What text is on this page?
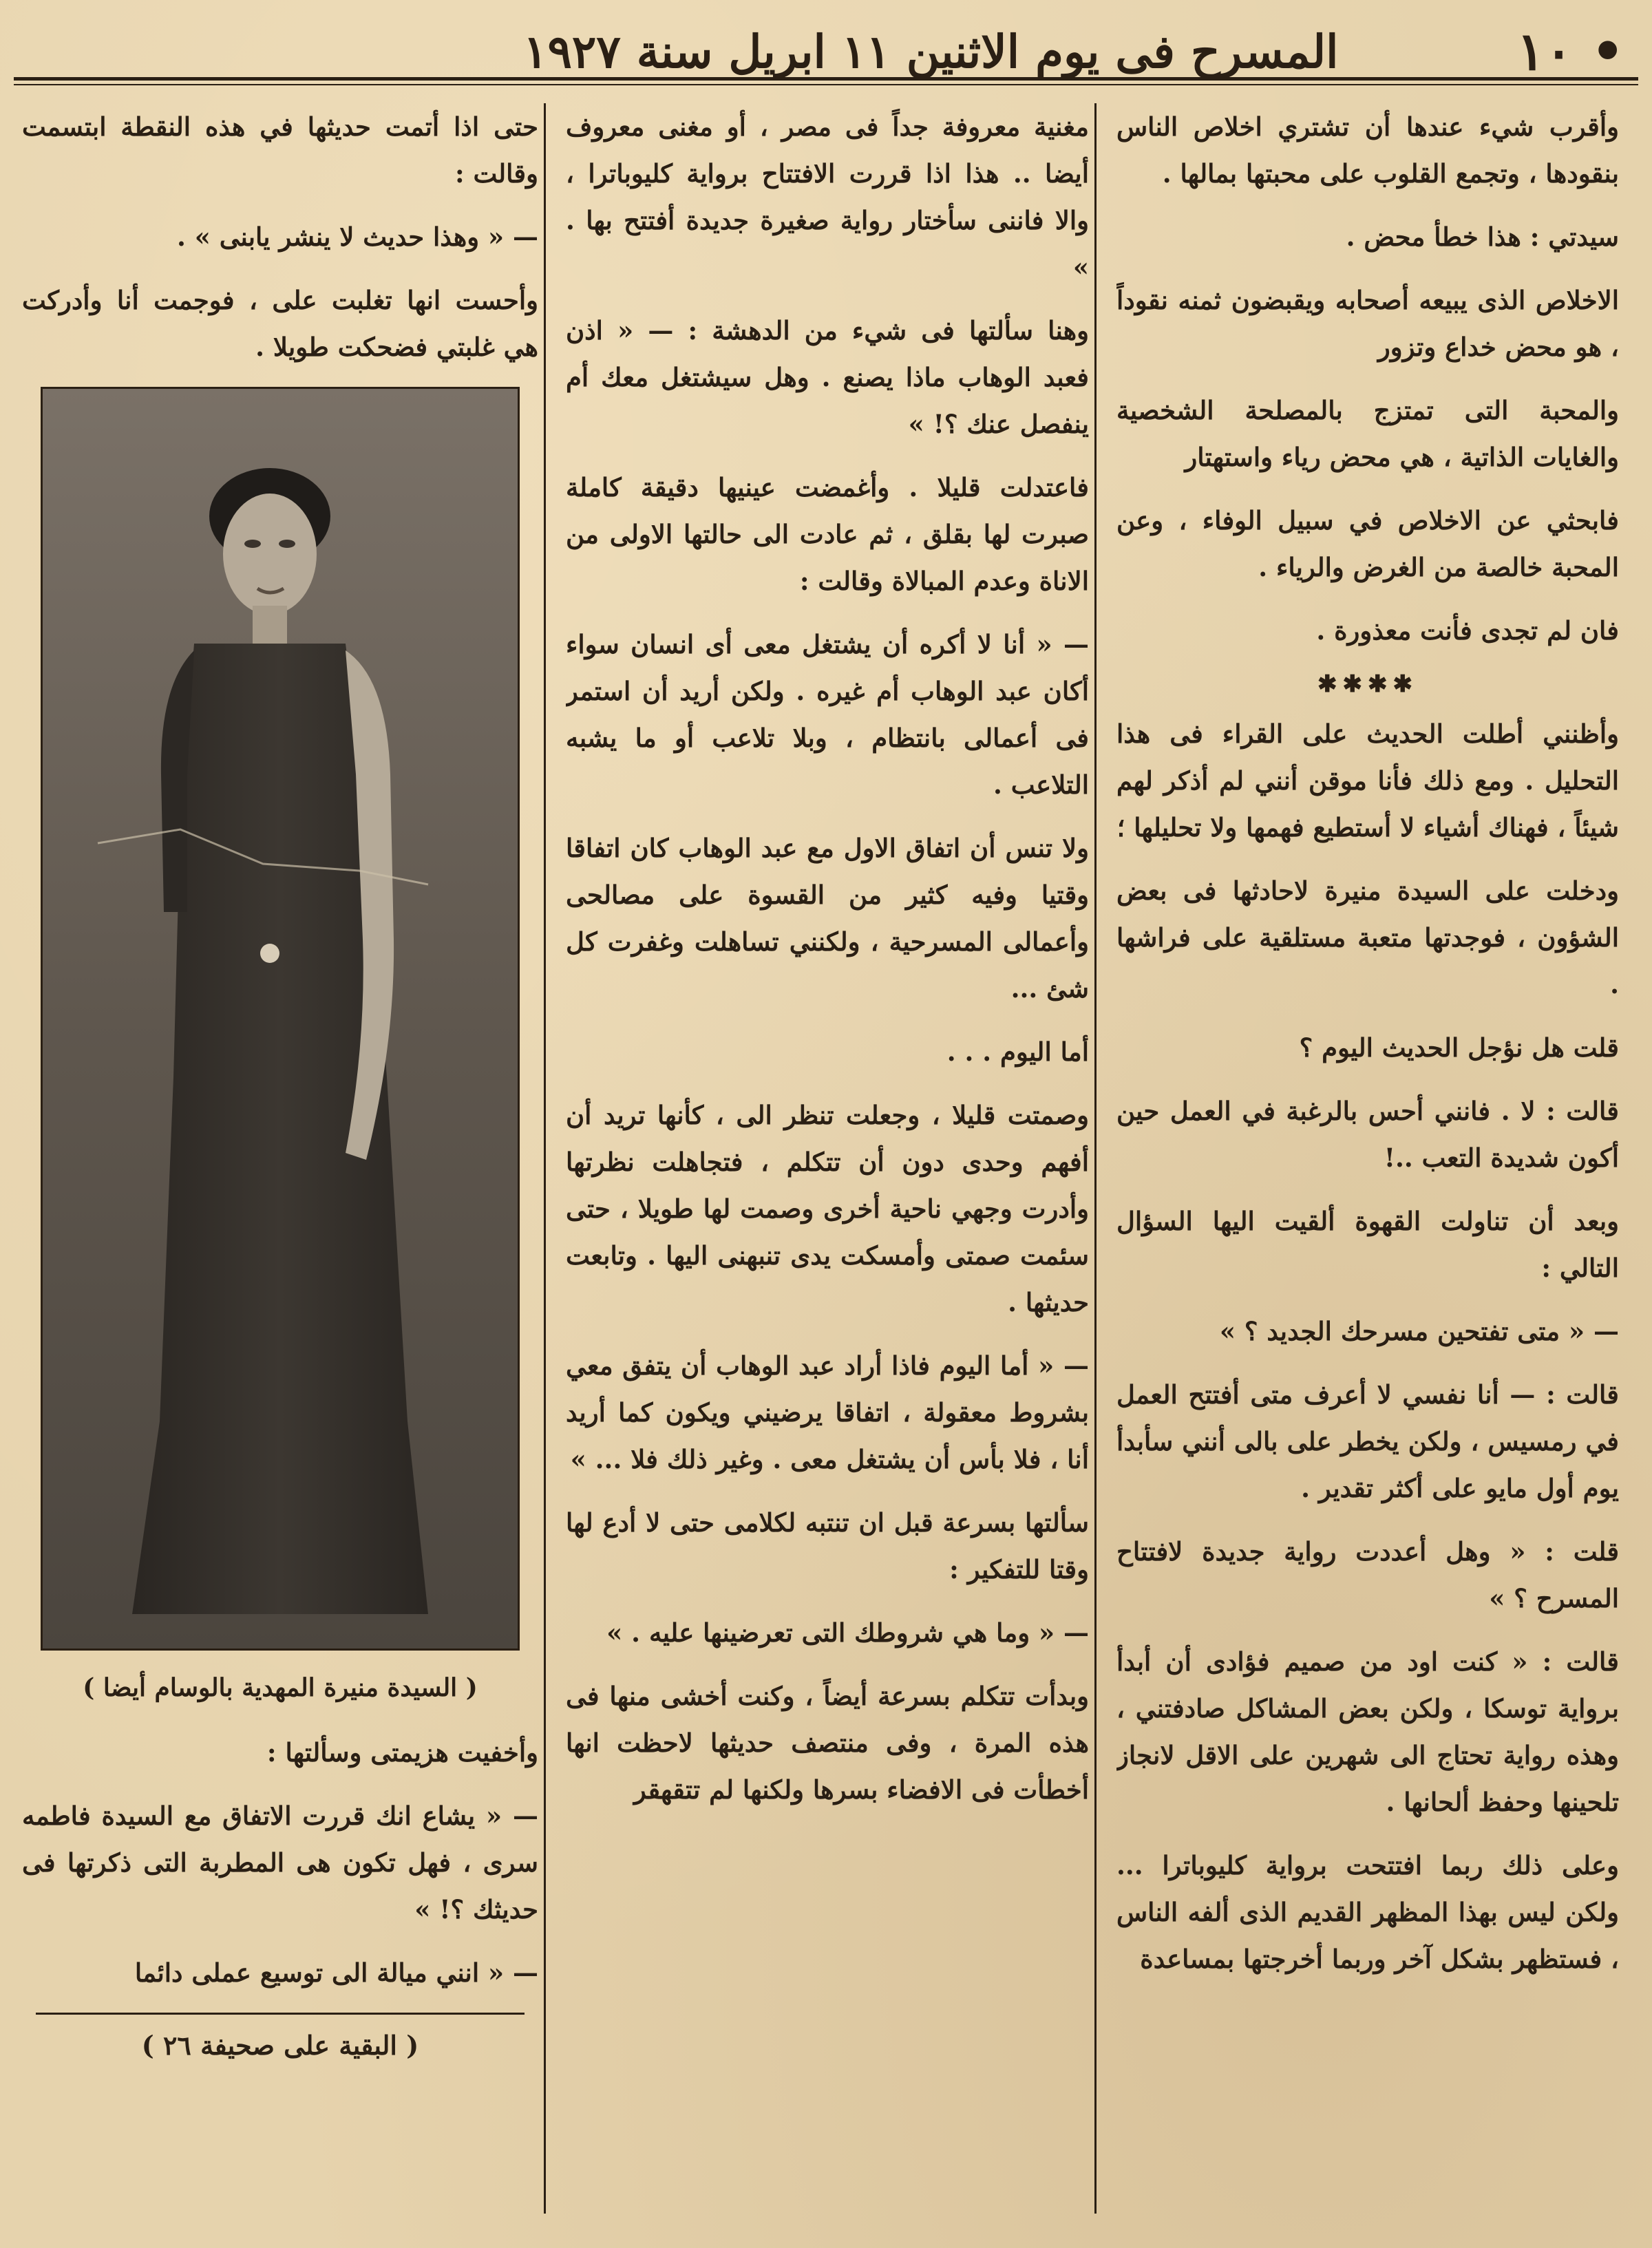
• ١٠
المسرح فى يوم الاثنين ١١ ابريل سنة ١٩٢٧

وأقرب شيء عندها أن تشتري اخلاص الناس بنقودها ، وتجمع القلوب على محبتها بمالها .

سيدتي : هذا خطأ محض .

الاخلاص الذى يبيعه أصحابه ويقبضون ثمنه نقوداً ، هو محض خداع وتزور

والمحبة التى تمتزج بالمصلحة الشخصية والغايات الذاتية ، هي محض رياء واستهتار

فابحثي عن الاخلاص في سبيل الوفاء ، وعن المحبة خالصة من الغرض والرياء .

فان لم تجدى فأنت معذورة .

✱✱✱✱

وأظنني أطلت الحديث على القراء فى هذا التحليل . ومع ذلك فأنا موقن أنني لم أذكر لهم شيئاً ، فهناك أشياء لا أستطيع فهمها ولا تحليلها ؛

ودخلت على السيدة منيرة لاحادثها فى بعض الشؤون ، فوجدتها متعبة مستلقية على فراشها .

قلت هل نؤجل الحديث اليوم ؟

قالت : لا . فانني أحس بالرغبة في العمل حين أكون شديدة التعب ..!

وبعد أن تناولت القهوة ألقيت اليها السؤال التالي :

— « متى تفتحين مسرحك الجديد ؟ »

قالت : — أنا نفسي لا أعرف متى أفتتح العمل في رمسيس ، ولكن يخطر على بالى أنني سأبدأ يوم أول مايو على أكثر تقدير .

قلت : « وهل أعددت رواية جديدة لافتتاح المسرح ؟ »

قالت : « كنت اود من صميم فؤادى أن أبدأ برواية توسكا ، ولكن بعض المشاكل صادفتني ، وهذه رواية تحتاج الى شهرين على الاقل لانجاز تلحينها وحفظ ألحانها .

وعلى ذلك ربما افتتحت برواية كليوباترا ... ولكن ليس بهذا المظهر القديم الذى ألفه الناس ، فستظهر بشكل آخر وربما أخرجتها بمساعدة

مغنية معروفة جداً فى مصر ، أو مغنى معروف أيضا .. هذا اذا قررت الافتتاح برواية كليوباترا ، والا فاننى سأختار رواية صغيرة جديدة أفتتح بها . »

وهنا سألتها فى شيء من الدهشة : — « اذن فعبد الوهاب ماذا يصنع . وهل سيشتغل معك أم ينفصل عنك ؟! »

فاعتدلت قليلا . وأغمضت عينيها دقيقة كاملة صبرت لها بقلق ، ثم عادت الى حالتها الاولى من الاناة وعدم المبالاة وقالت :

— « أنا لا أكره أن يشتغل معى أى انسان سواء أكان عبد الوهاب أم غيره . ولكن أريد أن استمر فى أعمالى بانتظام ، وبلا تلاعب أو ما يشبه التلاعب .

ولا تنس أن اتفاق الاول مع عبد الوهاب كان اتفاقا وقتيا وفيه كثير من القسوة على مصالحى وأعمالى المسرحية ، ولكنني تساهلت وغفرت كل شئ ...

أما اليوم . . .

وصمتت قليلا ، وجعلت تنظر الى ، كأنها تريد أن أفهم وحدى دون أن تتكلم ، فتجاهلت نظرتها وأدرت وجهي ناحية أخرى وصمت لها طويلا ، حتى سئمت صمتى وأمسكت يدى تنبهنى اليها . وتابعت حديثها .

— « أما اليوم فاذا أراد عبد الوهاب أن يتفق معي بشروط معقولة ، اتفاقا يرضيني ويكون كما أريد أنا ، فلا بأس أن يشتغل معى . وغير ذلك فلا ... »

سألتها بسرعة قبل ان تنتبه لكلامى حتى لا أدع لها وقتا للتفكير :

— « وما هي شروطك التى تعرضينها عليه . »

وبدأت تتكلم بسرعة أيضاً ، وكنت أخشى منها فى هذه المرة ، وفى منتصف حديثها لاحظت انها أخطأت فى الافضاء بسرها ولكنها لم تتقهقر

حتى اذا أتمت حديثها في هذه النقطة ابتسمت وقالت :

— « وهذا حديث لا ينشر يابنى » .

وأحست انها تغلبت على ، فوجمت أنا وأدركت هي غلبتي فضحكت طويلا .

( السيدة منيرة المهدية بالوسام أيضا )

وأخفيت هزيمتى وسألتها :

— « يشاع انك قررت الاتفاق مع السيدة فاطمه سرى ، فهل تكون هى المطربة التى ذكرتها فى حديثك ؟! »

— « انني ميالة الى توسيع عملى دائما

( البقية على صحيفة ٢٦ )
